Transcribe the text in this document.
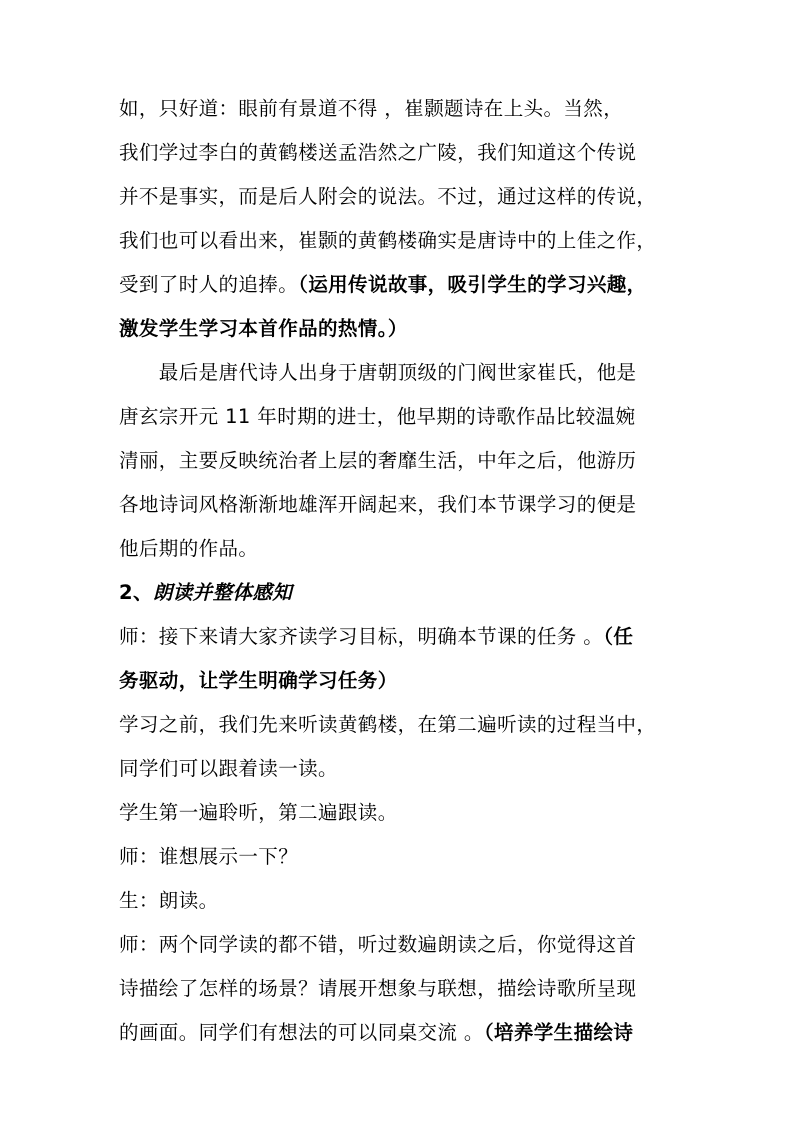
如，只好道：眼前有景道不得 ，崔颢题诗在上头。当然，
我们学过李白的黄鹤楼送孟浩然之广陵，我们知道这个传说
并不是事实，而是后人附会的说法。不过，通过这样的传说，
我们也可以看出来，崔颢的黄鹤楼确实是唐诗中的上佳之作，
受到了时人的追捧。（运用传说故事，吸引学生的学习兴趣，
激发学生学习本首作品的热情。）
　　最后是唐代诗人出身于唐朝顶级的门阀世家崔氏，他是
唐玄宗开元 11 年时期的进士，他早期的诗歌作品比较温婉
清丽，主要反映统治者上层的奢靡生活，中年之后，他游历
各地诗词风格渐渐地雄浑开阔起来，我们本节课学习的便是
他后期的作品。
2、朗读并整体感知
师：接下来请大家齐读学习目标，明确本节课的任务 。（任
务驱动，让学生明确学习任务）
学习之前，我们先来听读黄鹤楼，在第二遍听读的过程当中，
同学们可以跟着读一读。
学生第一遍聆听，第二遍跟读。
师：谁想展示一下？
生：朗读。
师：两个同学读的都不错，听过数遍朗读之后，你觉得这首
诗描绘了怎样的场景？请展开想象与联想，描绘诗歌所呈现
的画面。同学们有想法的可以同桌交流 。（培养学生描绘诗
